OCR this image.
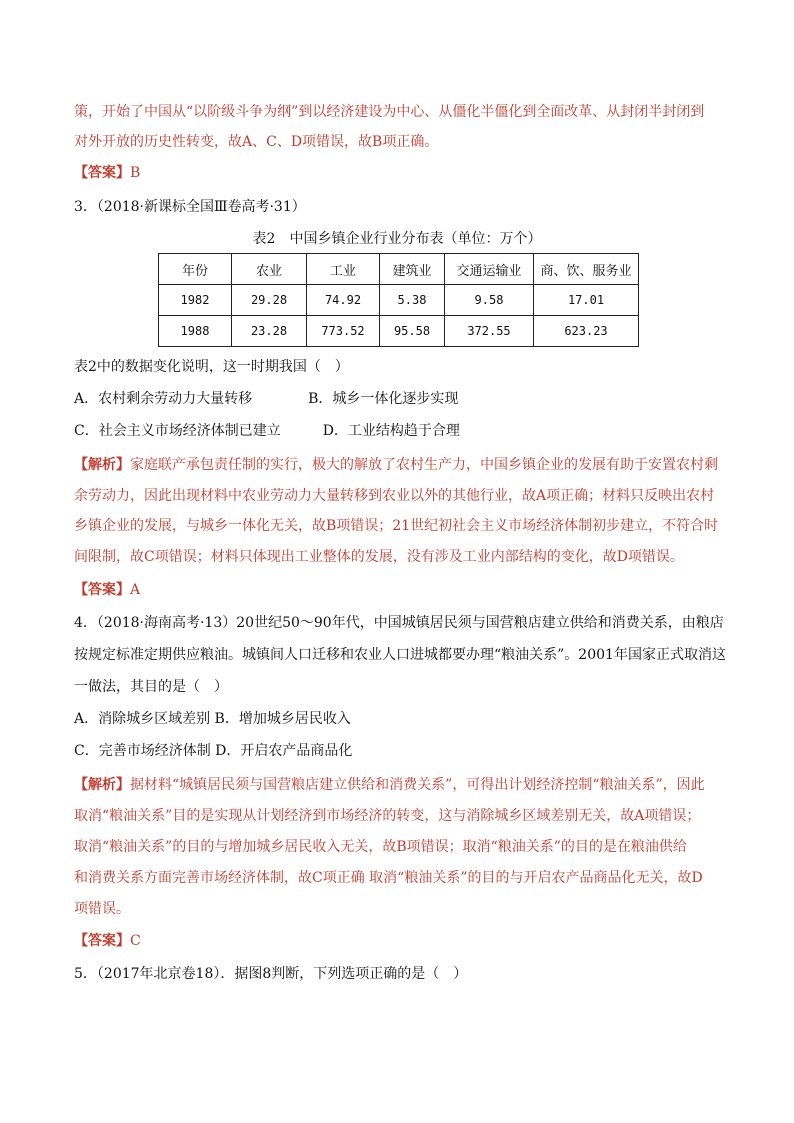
策，开始了中国从“以阶级斗争为纲”到以经济建设为中心、从僵化半僵化到全面改革、从封闭半封闭到
对外开放的历史性转变，故A、C、D项错误，故B项正确。
【答案】B
3．（2018·新课标全国Ⅲ卷高考·31）
表2　中国乡镇企业行业分布表（单位：万个）
年份	农业	工业	建筑业	交通运输业	商、饮、服务业
1982	29.28	74.92	5.38	9.58	17.01
1988	23.28	773.52	95.58	372.55	623.23
表2中的数据变化说明，这一时期我国（　）
A．农村剩余劳动力大量转移　　　　B．城乡一体化逐步实现
C．社会主义市场经济体制已建立　　　D．工业结构趋于合理
【解析】家庭联产承包责任制的实行，极大的解放了农村生产力，中国乡镇企业的发展有助于安置农村剩
余劳动力，因此出现材料中农业劳动力大量转移到农业以外的其他行业，故A项正确；材料只反映出农村
乡镇企业的发展，与城乡一体化无关，故B项错误；21世纪初社会主义市场经济体制初步建立，不符合时
间限制，故C项错误；材料只体现出工业整体的发展，没有涉及工业内部结构的变化，故D项错误。
【答案】A
4．（2018·海南高考·13）20世纪50～90年代，中国城镇居民须与国营粮店建立供给和消费关系，由粮店
按规定标准定期供应粮油。城镇间人口迁移和农业人口进城都要办理“粮油关系”。2001年国家正式取消这
一做法，其目的是（　）
A．消除城乡区域差别 B．增加城乡居民收入
C．完善市场经济体制 D．开启农产品商品化
【解析】据材料“城镇居民须与国营粮店建立供给和消费关系”，可得出计划经济控制“粮油关系”，因此
取消“粮油关系”目的是实现从计划经济到市场经济的转变，这与消除城乡区域差别无关，故A项错误；
取消“粮油关系”的目的与增加城乡居民收入无关，故B项错误；取消“粮油关系”的目的是在粮油供给
和消费关系方面完善市场经济体制，故C项正确 取消“粮油关系”的目的与开启农产品商品化无关，故D
项错误。
【答案】C
5．（2017年北京卷18）．据图8判断，下列选项正确的是（　）
